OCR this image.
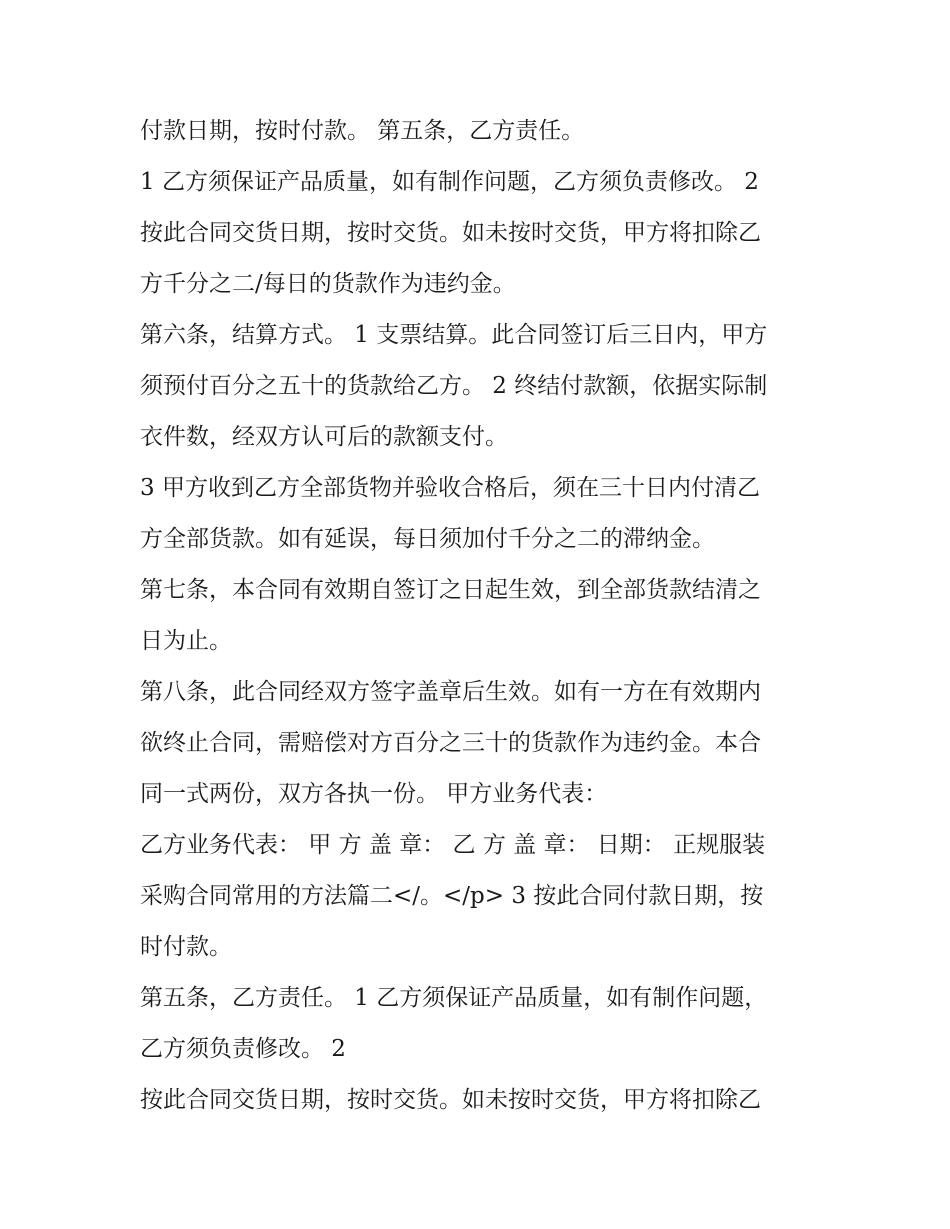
付款日期，按时付款。 第五条，乙方责任。
1 乙方须保证产品质量，如有制作问题，乙方须负责修改。 2
按此合同交货日期，按时交货。如未按时交货，甲方将扣除乙
方千分之二/每日的货款作为违约金。
第六条，结算方式。 1 支票结算。此合同签订后三日内，甲方
须预付百分之五十的货款给乙方。 2 终结付款额，依据实际制
衣件数，经双方认可后的款额支付。
3 甲方收到乙方全部货物并验收合格后，须在三十日内付清乙
方全部货款。如有延误，每日须加付千分之二的滞纳金。
第七条，本合同有效期自签订之日起生效，到全部货款结清之
日为止。
第八条，此合同经双方签字盖章后生效。如有一方在有效期内
欲终止合同，需赔偿对方百分之三十的货款作为违约金。本合
同一式两份，双方各执一份。 甲方业务代表：
乙方业务代表： 甲 方 盖 章： 乙 方 盖 章： 日期： 正规服装
采购合同常用的方法篇二</。</p> 3 按此合同付款日期，按
时付款。
第五条，乙方责任。 1 乙方须保证产品质量，如有制作问题，
乙方须负责修改。 2
按此合同交货日期，按时交货。如未按时交货，甲方将扣除乙
